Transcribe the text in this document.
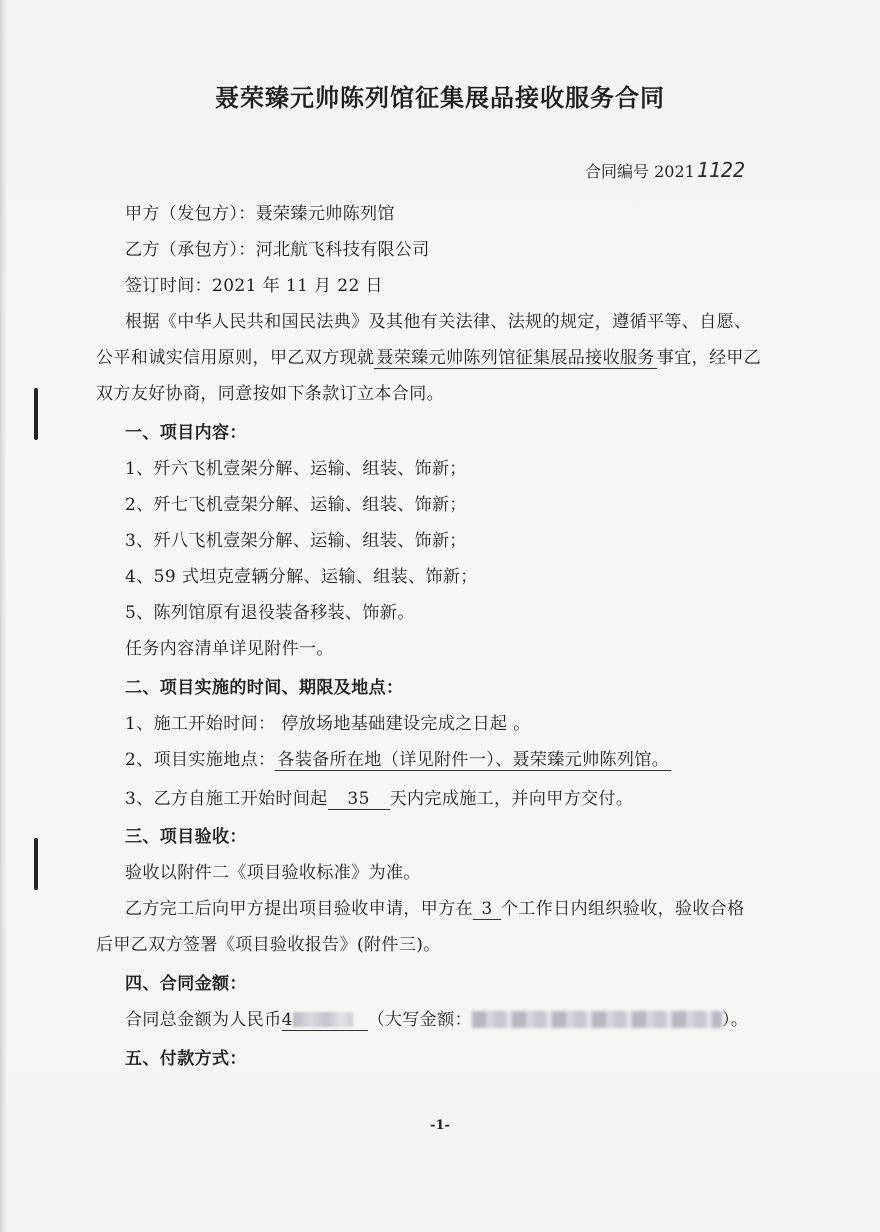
聂荣臻元帅陈列馆征集展品接收服务合同
合同编号 2021 1122
甲方（发包方）：聂荣臻元帅陈列馆
乙方（承包方）：河北航飞科技有限公司
签订时间：2021 年 11 月 22 日
根据《中华人民共和国民法典》及其他有关法律、法规的规定，遵循平等、自愿、
公平和诚实信用原则，甲乙双方现就 聂荣臻元帅陈列馆征集展品接收服务 事宜，经甲乙
双方友好协商，同意按如下条款订立本合同。
一、项目内容：
1、歼六飞机壹架分解、运输、组装、饰新；
2、歼七飞机壹架分解、运输、组装、饰新；
3、歼八飞机壹架分解、运输、组装、饰新；
4、59 式坦克壹辆分解、运输、组装、饰新；
5、陈列馆原有退役装备移装、饰新。
任务内容清单详见附件一。
二、项目实施的时间、期限及地点：
1、施工开始时间： 停放场地基础建设完成之日起 。
2、项目实施地点： 各装备所在地（详见附件一）、聂荣臻元帅陈列馆。
3、乙方自施工开始时间起 35 天内完成施工，并向甲方交付。
三、项目验收：
验收以附件二《项目验收标准》为准。
乙方完工后向甲方提出项目验收申请，甲方在 3 个工作日内组织验收，验收合格
后甲乙双方签署《项目验收报告》(附件三)。
四、合同金额：
合同总金额为人民币4	（大写金额：	）。
五、付款方式：
-1-
